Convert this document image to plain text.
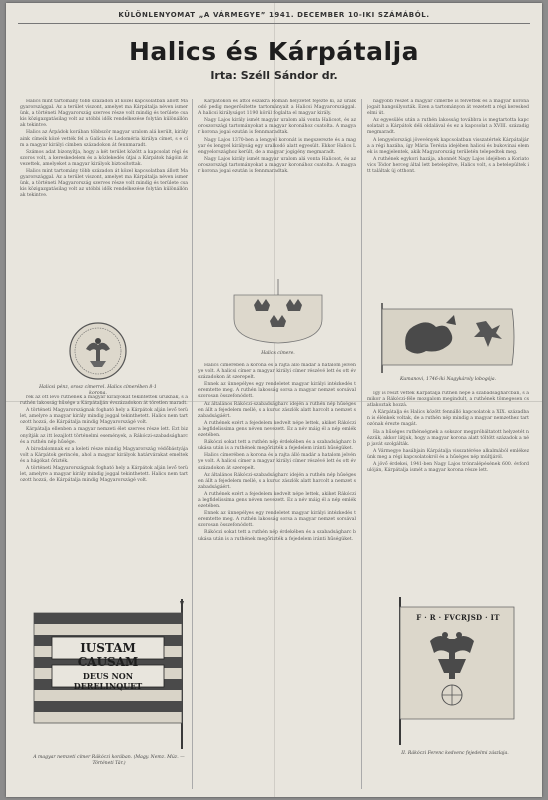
KÜLÖNLENYOMAT „A VÁRMEGYE” 1941. DECEMBER 10-IKI SZÁMÁBÓL.
Halics és Kárpátalja
Irta: Széll Sándor dr.

Halics mint tartomány több századon át közel kapcsolatban állott Magyarországgal. Az a terület viszont, amelyet ma Kárpátalja néven ismerünk, a történeti Magyarország szerves része volt mindig és területe csakis közigazgatásilag volt az utóbbi idők rendelkezése folytán különállónak tekintve.

Halics az Árpádok korában többször magyar uralom alá került, királyaink címeik közé vették fel a Galícia és Lodoméria királya címet, s e cím a magyar királyi címben századokon át fennmaradt.

Számos adat bizonyítja, hogy a két terület között a kapcsolat régi és szoros volt, a kereskedelem és a közlekedés útjai a Kárpátok hágóin át vezettek, amelyeket a magyar királyok biztosítottak.

Halics mint tartomány több századon át közel kapcsolatban állott Magyarországgal. Az a terület viszont, amelyet ma Kárpátalja néven ismerünk, a történeti Magyarország szerves része volt mindig és területe csakis közigazgatásilag volt az utóbbi idők rendelkezése folytán különállónak tekintve.

Kárpátokon és attól északra Román helyzetét fejezte ki, az uralkodó pedig megerősítette tartományait a Halicsi Magyarországgal. A halicsi királyságot 1190 körül foglalta el magyar király.

Nagy Lajos király ismét magyar uralom alá vonta Halicsot, és az oroszországi tartományokat a magyar koronához csatolta. A magyar korona jogai ezután is fennmaradtak.

Nagy Lajos 1370-ben a lengyel koronát is megszerezte és a magyar és lengyel királyság egy uralkodó alatt egyesült. Ekkor Halics Lengyelországhoz került, de a magyar jogigény megmaradt.

Nagy Lajos király ismét magyar uralom alá vonta Halicsot, és az oroszországi tartományokat a magyar koronához csatolta. A magyar korona jogai ezután is fennmaradtak.

nagyobb részét a magyar címerbe is felvették és a magyar korona jogait hangsúlyozták. Ezen a tartományon át vezetett a régi kereskedelmi út.

Az egyesülés után a ruthén lakosság továbbra is megtartotta kapcsolatait a Kárpátok déli oldalával és ez a kapcsolat a XVIII. századig megmaradt.

A lengyelországi jövevények kapcsolatban visszatértek Kárpátaljára a régi hazába, így Mária Terézia idejében halicsi és bukovinai elemek is megjelentek, akik Magyarország területén telepedtek meg.

A ruthének egykori hazája, ahonnét Nagy Lajos idejében a Koriatovics Tódor herceg által lett betelepítve, Halics volt, s a betelepültek itt találtak új otthont.

Halicsi pénz, orosz címerrel. Halics címerében 8-1 korona.
Halics címere.
Kumanovi, 1746-iki Nagykároly lobogója.

rek az ott levő ruthének a magyar királyokat tekintették uruknak, s a ruthén lakosság hűsége a Kárpátalján évszázadokon át töretlen maradt.

A történeti Magyarországnak fogható hely a Kárpátok alján levő terület, amelyre a magyar király mindig joggal tekinthetett. Halics nem tartozott hozzá, de Kárpátalja mindig Magyarországé volt.

Kárpátalja ellenben a magyar nemzeti élet szerves része lett. Ezt bizonyítják az itt lezajlott történelmi események, a Rákóczi-szabadságharc és a ruthén nép hűsége.

A birodalomnak ez a keleti része mindig Magyarország védőbástyája volt a Kárpátok gerincén, ahol a magyar királyok határvárakat emeltek és a hágókat őrizték.

A történeti Magyarországnak fogható hely a Kárpátok alján levő terület, amelyre a magyar király mindig joggal tekinthetett. Halics nem tartozott hozzá, de Kárpátalja mindig Magyarországé volt.

Halics címerében a korona és a rajta álló madár a hatalom jelvénye volt. A halicsi címer a magyar királyi címer részévé lett és ott évszázadokon át szerepelt.

Ennek az ünnepélyes egy rendeletet magyar királyi intézkedés teremtette meg. A ruthén lakosság sorsa a magyar nemzet sorsával szorosan összefonódott.

Az általános Rákóczi-szabadságharc idején a ruthén nép hűségesen állt a fejedelem mellé, s a kuruc zászlók alatt harcolt a nemzet szabadságáért.

A ruthének ezért a fejedelem kedvelt népe lettek, akiket Rákóczi a legfidelissima gens néven nevezett. Ez a név máig él a nép emlékezetében.

Rákóczi sokat tett a ruthén nép érdekében és a szabadságharc bukása után is a ruthének megőrizték a fejedelem iránti hűségüket.

Halics címerében a korona és a rajta álló madár a hatalom jelvénye volt. A halicsi címer a magyar királyi címer részévé lett és ott évszázadokon át szerepelt.

Az általános Rákóczi-szabadságharc idején a ruthén nép hűségesen állt a fejedelem mellé, s a kuruc zászlók alatt harcolt a nemzet szabadságáért.

A ruthének ezért a fejedelem kedvelt népe lettek, akiket Rákóczi a legfidelissima gens néven nevezett. Ez a név máig él a nép emlékezetében.

Ennek az ünnepélyes egy rendeletet magyar királyi intézkedés teremtette meg. A ruthén lakosság sorsa a magyar nemzet sorsával szorosan összefonódott.

Rákóczi sokat tett a ruthén nép érdekében és a szabadságharc bukása után is a ruthének megőrizték a fejedelem iránti hűségüket.

Így is részt vettek Kárpátalja ruthén népe a szabadságharcban, s amikor a Rákóczi-féle mozgalom megindult, a ruthének tömegesen csatlakoztak hozzá.

A Kárpátalja és Halics között fennálló kapcsolatok a XIX. században is élénkek voltak, de a ruthén nép mindig a magyar nemzethez tartozónak érezte magát.

Ha a hűséges ruthénségnek a sokszor megpróbáltatott helyzetét nézzük, akkor látjuk, hogy a magyar korona alatt töltött századok a nép javát szolgálták.

A Vármegye hasábjain Kárpátalja visszatérése alkalmából emlékezünk meg a régi kapcsolatokról és a hűséges nép múltjáról.

A jövő érdekei, 1941-ben Nagy Lajos trónralépésének 600. évfordulóján, Kárpátalja ismét a magyar korona része lett.

IUSTAM CAUSAM
DEUS NON DERELINQUET
A magyar nemzeti címer Rákóczi korában. (Magy. Nemz. Múz. — Történeti Tár.)
F · R · FVCRJSD · IT
II. Rákóczi Ferenc kedvenc fejedelmi zászlaja.
